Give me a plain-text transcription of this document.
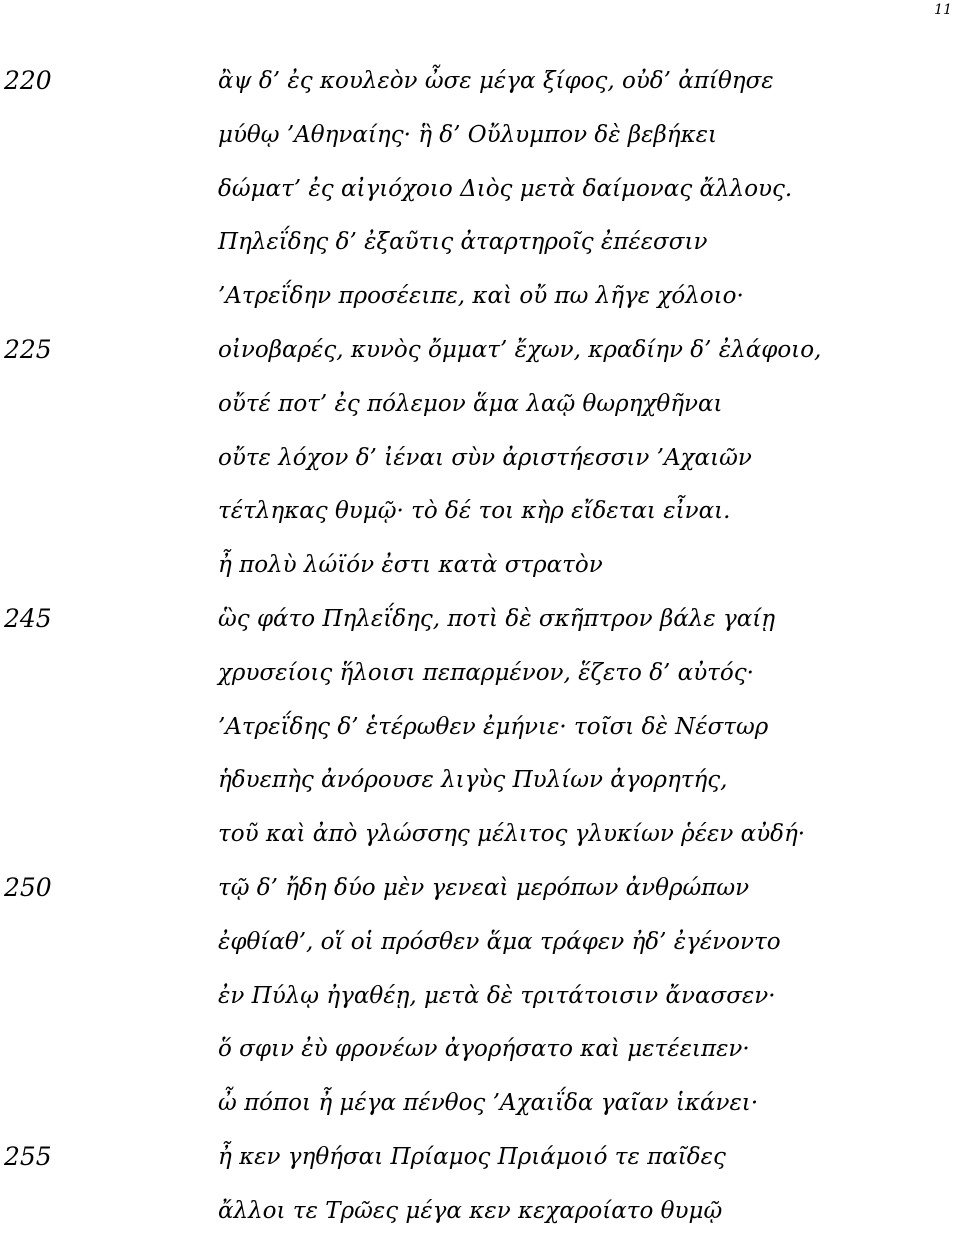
11
220	ἂψ δ’ ἐς κουλεὸν ὦσε μέγα ξίφος, οὐδ’ ἀπίθησε
μύθῳ ’Αθηναίης· ἣ δ’ Οὔλυμπον δὲ βεβήκει
δώματ’ ἐς αἰγιόχοιο Διὸς μετὰ δαίμονας ἄλλους.
Πηλεΐδης δ’ ἐξαῦτις ἀταρτηροῖς ἐπέεσσιν
’Ατρεΐδην προσέειπε, καὶ οὔ πω λῆγε χόλοιο·
225	οἰνοβαρές, κυνὸς ὄμματ’ ἔχων, κραδίην δ’ ἐλάφοιο,
οὔτέ ποτ’ ἐς πόλεμον ἅμα λαῷ θωρηχθῆναι
οὔτε λόχον δ’ ἰέναι σὺν ἀριστήεσσιν ’Αχαιῶν
τέτληκας θυμῷ· τὸ δέ τοι κὴρ εἴδεται εἶναι.
ἦ πολὺ λώϊόν ἐστι κατὰ στρατὸν
245	ὣς φάτο Πηλεΐδης, ποτὶ δὲ σκῆπτρον βάλε γαίῃ
χρυσείοις ἥλοισι πεπαρμένον, ἕζετο δ’ αὐτός·
’Ατρεΐδης δ’ ἑτέρωθεν ἐμήνιε· τοῖσι δὲ Νέστωρ
ἡδυεπὴς ἀνόρουσε λιγὺς Πυλίων ἀγορητής,
τοῦ καὶ ἀπὸ γλώσσης μέλιτος γλυκίων ῥέεν αὐδή·
250	τῷ δ’ ἤδη δύο μὲν γενεαὶ μερόπων ἀνθρώπων
ἐφθίαθ’, οἵ οἱ πρόσθεν ἅμα τράφεν ἠδ’ ἐγένοντο
ἐν Πύλῳ ἠγαθέῃ, μετὰ δὲ τριτάτοισιν ἄνασσεν·
ὅ σφιν ἐὺ φρονέων ἀγορήσατο καὶ μετέειπεν·
ὦ πόποι ἦ μέγα πένθος ’Αχαιΐδα γαῖαν ἱκάνει·
255	ἦ κεν γηθήσαι Πρίαμος Πριάμοιό τε παῖδες
ἄλλοι τε Τρῶες μέγα κεν κεχαροίατο θυμῷ
